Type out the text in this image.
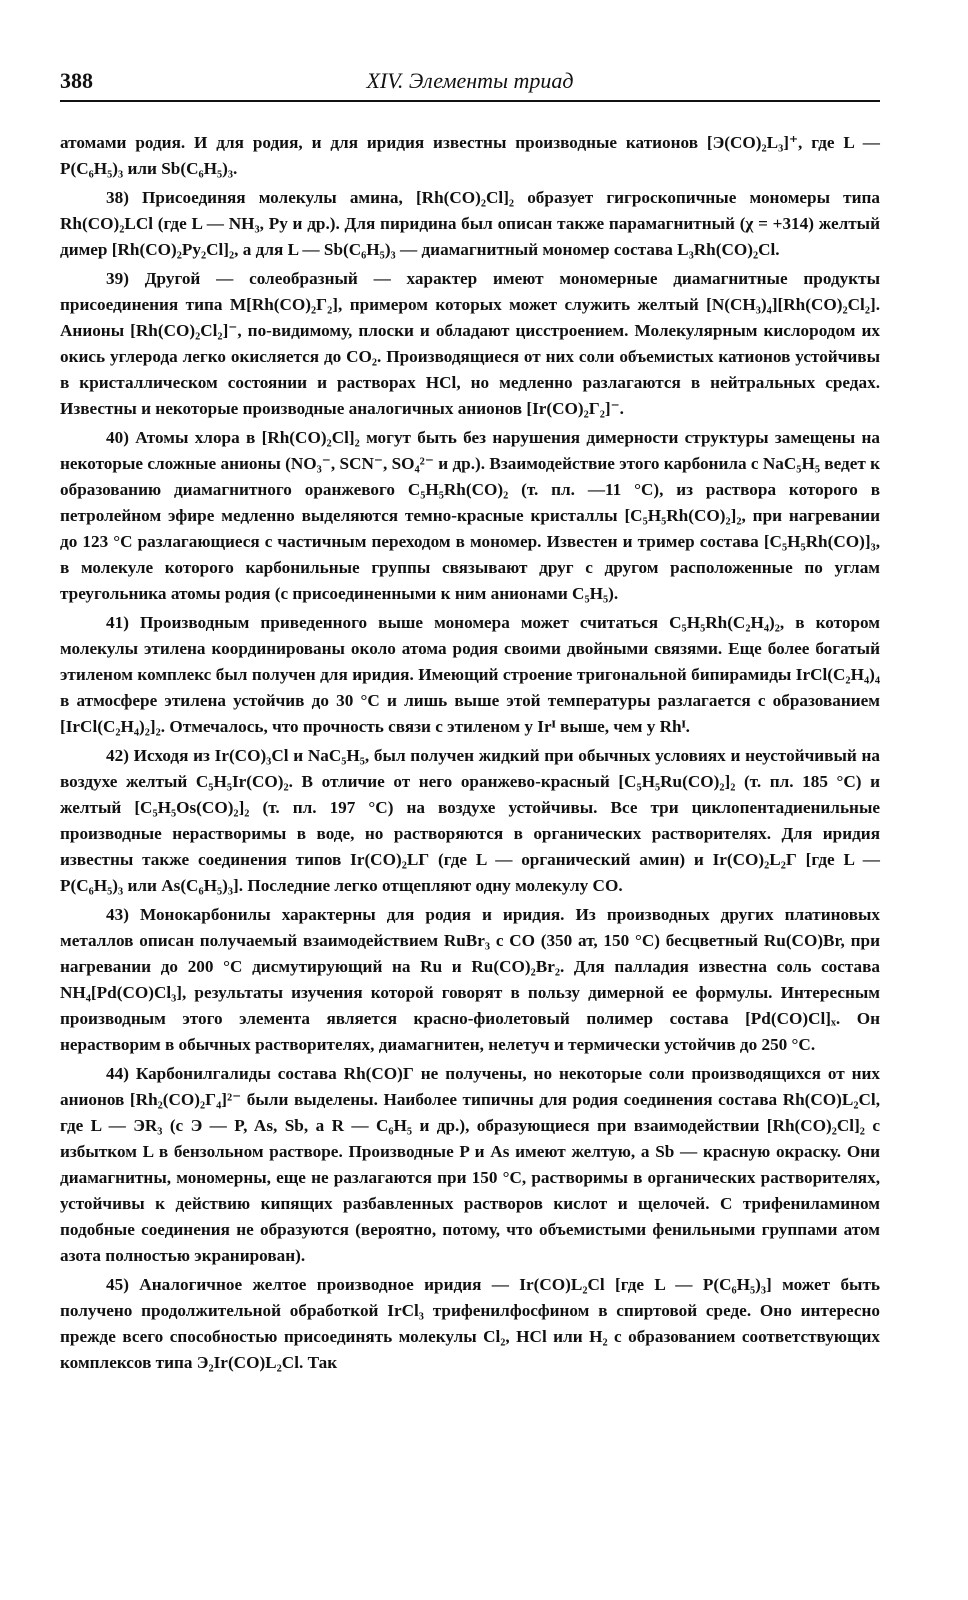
388	XIV. Элементы триад

атомами родия. И для родия, и для иридия известны производные катионов [Э(CO)₂L₃]⁺, где L — P(C₆H₅)₃ или Sb(C₆H₅)₃.

38) Присоединяя молекулы амина, [Rh(CO)₂Cl]₂ образует гигроскопичные мономеры типа Rh(CO)₂LCl (где L — NH₃, Py и др.). Для пиридина был описан также парамагнитный (χ = +314) желтый димер [Rh(CO)₂Py₂Cl]₂, а для L — Sb(C₆H₅)₃ — диамагнитный мономер состава L₃Rh(CO)₂Cl.

39) Другой — солеобразный — характер имеют мономерные диамагнитные продукты присоединения типа M[Rh(CO)₂Г₂], примером которых может служить желтый [N(CH₃)₄][Rh(CO)₂Cl₂]. Анионы [Rh(CO)₂Cl₂]⁻, по-видимому, плоски и обладают цисстроением. Молекулярным кислородом их окись углерода легко окисляется до CO₂. Производящиеся от них соли объемистых катионов устойчивы в кристаллическом состоянии и растворах HCl, но медленно разлагаются в нейтральных средах. Известны и некоторые производные аналогичных анионов [Ir(CO)₂Г₂]⁻.

40) Атомы хлора в [Rh(CO)₂Cl]₂ могут быть без нарушения димерности структуры замещены на некоторые сложные анионы (NO₃⁻, SCN⁻, SO₄²⁻ и др.). Взаимодействие этого карбонила с NaC₅H₅ ведет к образованию диамагнитного оранжевого C₅H₅Rh(CO)₂ (т. пл. —11 °C), из раствора которого в петролейном эфире медленно выделяются темно-красные кристаллы [C₅H₅Rh(CO)₂]₂, при нагревании до 123 °C разлагающиеся с частичным переходом в мономер. Известен и тример состава [C₅H₅Rh(CO)]₃, в молекуле которого карбонильные группы связывают друг с другом расположенные по углам треугольника атомы родия (с присоединенными к ним анионами C₅H₅).

41) Производным приведенного выше мономера может считаться C₅H₅Rh(C₂H₄)₂, в котором молекулы этилена координированы около атома родия своими двойными связями. Еще более богатый этиленом комплекс был получен для иридия. Имеющий строение тригональной бипирамиды IrCl(C₂H₄)₄ в атмосфере этилена устойчив до 30 °C и лишь выше этой температуры разлагается с образованием [IrCl(C₂H₄)₂]₂. Отмечалось, что прочность связи с этиленом у Irᴵ выше, чем у Rhᴵ.

42) Исходя из Ir(CO)₃Cl и NaC₅H₅, был получен жидкий при обычных условиях и неустойчивый на воздухе желтый C₅H₅Ir(CO)₂. В отличие от него оранжево-красный [C₅H₅Ru(CO)₂]₂ (т. пл. 185 °C) и желтый [C₅H₅Os(CO)₂]₂ (т. пл. 197 °C) на воздухе устойчивы. Все три циклопентадиенильные производные нерастворимы в воде, но растворяются в органических растворителях. Для иридия известны также соединения типов Ir(CO)₂LГ (где L — органический амин) и Ir(CO)₂L₂Г [где L — P(C₆H₅)₃ или As(C₆H₅)₃]. Последние легко отщепляют одну молекулу CO.

43) Монокарбонилы характерны для родия и иридия. Из производных других платиновых металлов описан получаемый взаимодействием RuBr₃ с CO (350 ат, 150 °C) бесцветный Ru(CO)Br, при нагревании до 200 °C дисмутирующий на Ru и Ru(CO)₂Br₂. Для палладия известна соль состава NH₄[Pd(CO)Cl₃], результаты изучения которой говорят в пользу димерной ее формулы. Интересным производным этого элемента является красно-фиолетовый полимер состава [Pd(CO)Cl]ₓ. Он нерастворим в обычных растворителях, диамагнитен, нелетуч и термически устойчив до 250 °C.

44) Карбонилгалиды состава Rh(CO)Г не получены, но некоторые соли производящихся от них анионов [Rh₂(CO)₂Г₄]²⁻ были выделены. Наиболее типичны для родия соединения состава Rh(CO)L₂Cl, где L — ЭR₃ (с Э — P, As, Sb, а R — C₆H₅ и др.), образующиеся при взаимодействии [Rh(CO)₂Cl]₂ с избытком L в бензольном растворе. Производные P и As имеют желтую, а Sb — красную окраску. Они диамагнитны, мономерны, еще не разлагаются при 150 °C, растворимы в органических растворителях, устойчивы к действию кипящих разбавленных растворов кислот и щелочей. С трифениламином подобные соединения не образуются (вероятно, потому, что объемистыми фенильными группами атом азота полностью экранирован).

45) Аналогичное желтое производное иридия — Ir(CO)L₂Cl [где L — P(C₆H₅)₃] может быть получено продолжительной обработкой IrCl₃ трифенилфосфином в спиртовой среде. Оно интересно прежде всего способностью присоединять молекулы Cl₂, HCl или H₂ с образованием соответствующих комплексов типа Э₂Ir(CO)L₂Cl. Так
